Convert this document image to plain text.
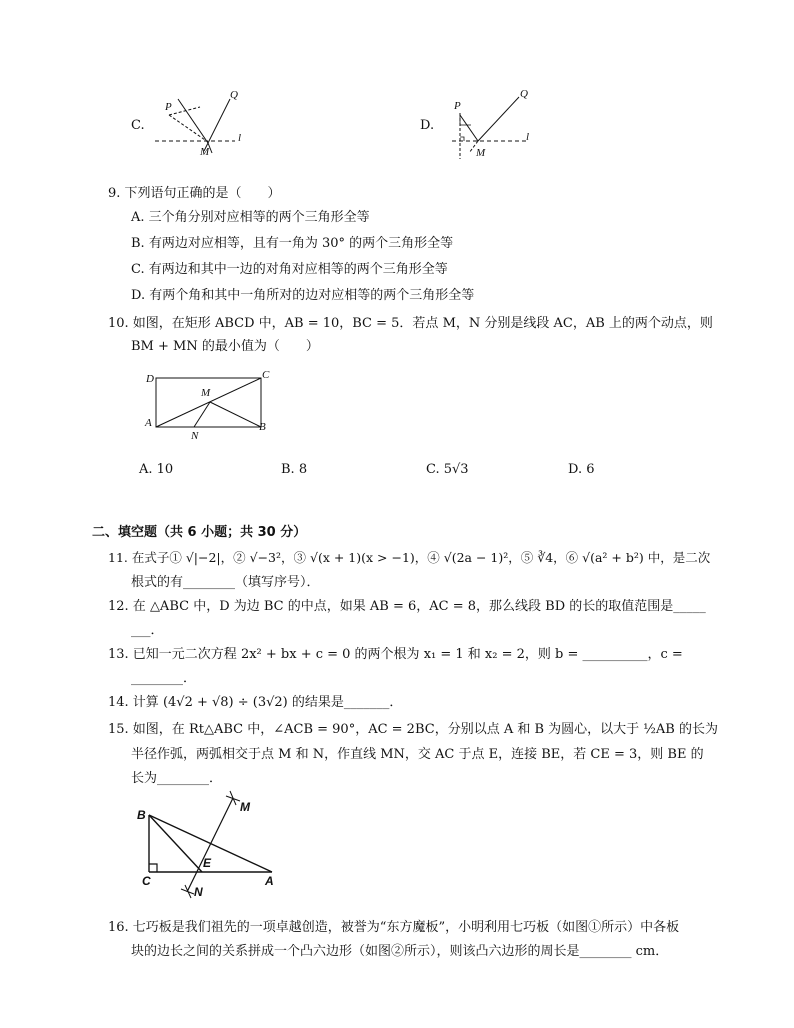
C.
P
Q
l
M
D.
P
Q
l
M
9. 下列语句正确的是（　　）
A. 三个角分别对应相等的两个三角形全等
B. 有两边对应相等，且有一角为 30° 的两个三角形全等
C. 有两边和其中一边的对角对应相等的两个三角形全等
D. 有两个角和其中一角所对的边对应相等的两个三角形全等
10. 如图，在矩形 ABCD 中，AB = 10，BC = 5．若点 M，N 分别是线段 AC，AB 上的两个动点，则
BM + MN 的最小值为（　　）
D	C
A	B
M
N
A. 10	B. 8	C. 5√3	D. 6
二、填空题（共 6 小题；共 30 分）
11. 在式子① √|−2|，② √−3²，③ √(x + 1)(x > −1)，④ √(2a − 1)²，⑤ ∛4，⑥ √(a² + b²) 中，是二次
根式的有________（填写序号）．
12. 在 △ABC 中，D 为边 BC 的中点，如果 AB = 6，AC = 8，那么线段 BD 的长的取值范围是_____
___．
13. 已知一元二次方程 2x² + bx + c = 0 的两个根为 x₁ = 1 和 x₂ = 2，则 b = __________，c =
________．
14. 计算 (4√2 + √8) ÷ (3√2) 的结果是_______．
15. 如图，在 Rt△ABC 中，∠ACB = 90°，AC = 2BC，分别以点 A 和 B 为圆心，以大于 ½AB 的长为
半径作弧，两弧相交于点 M 和 N，作直线 MN，交 AC 于点 E，连接 BE，若 CE = 3，则 BE 的
长为________．
B
M
E
C	A
N
16. 七巧板是我们祖先的一项卓越创造，被誉为“东方魔板”，小明利用七巧板（如图①所示）中各板
块的边长之间的关系拼成一个凸六边形（如图②所示），则该凸六边形的周长是________ cm．
